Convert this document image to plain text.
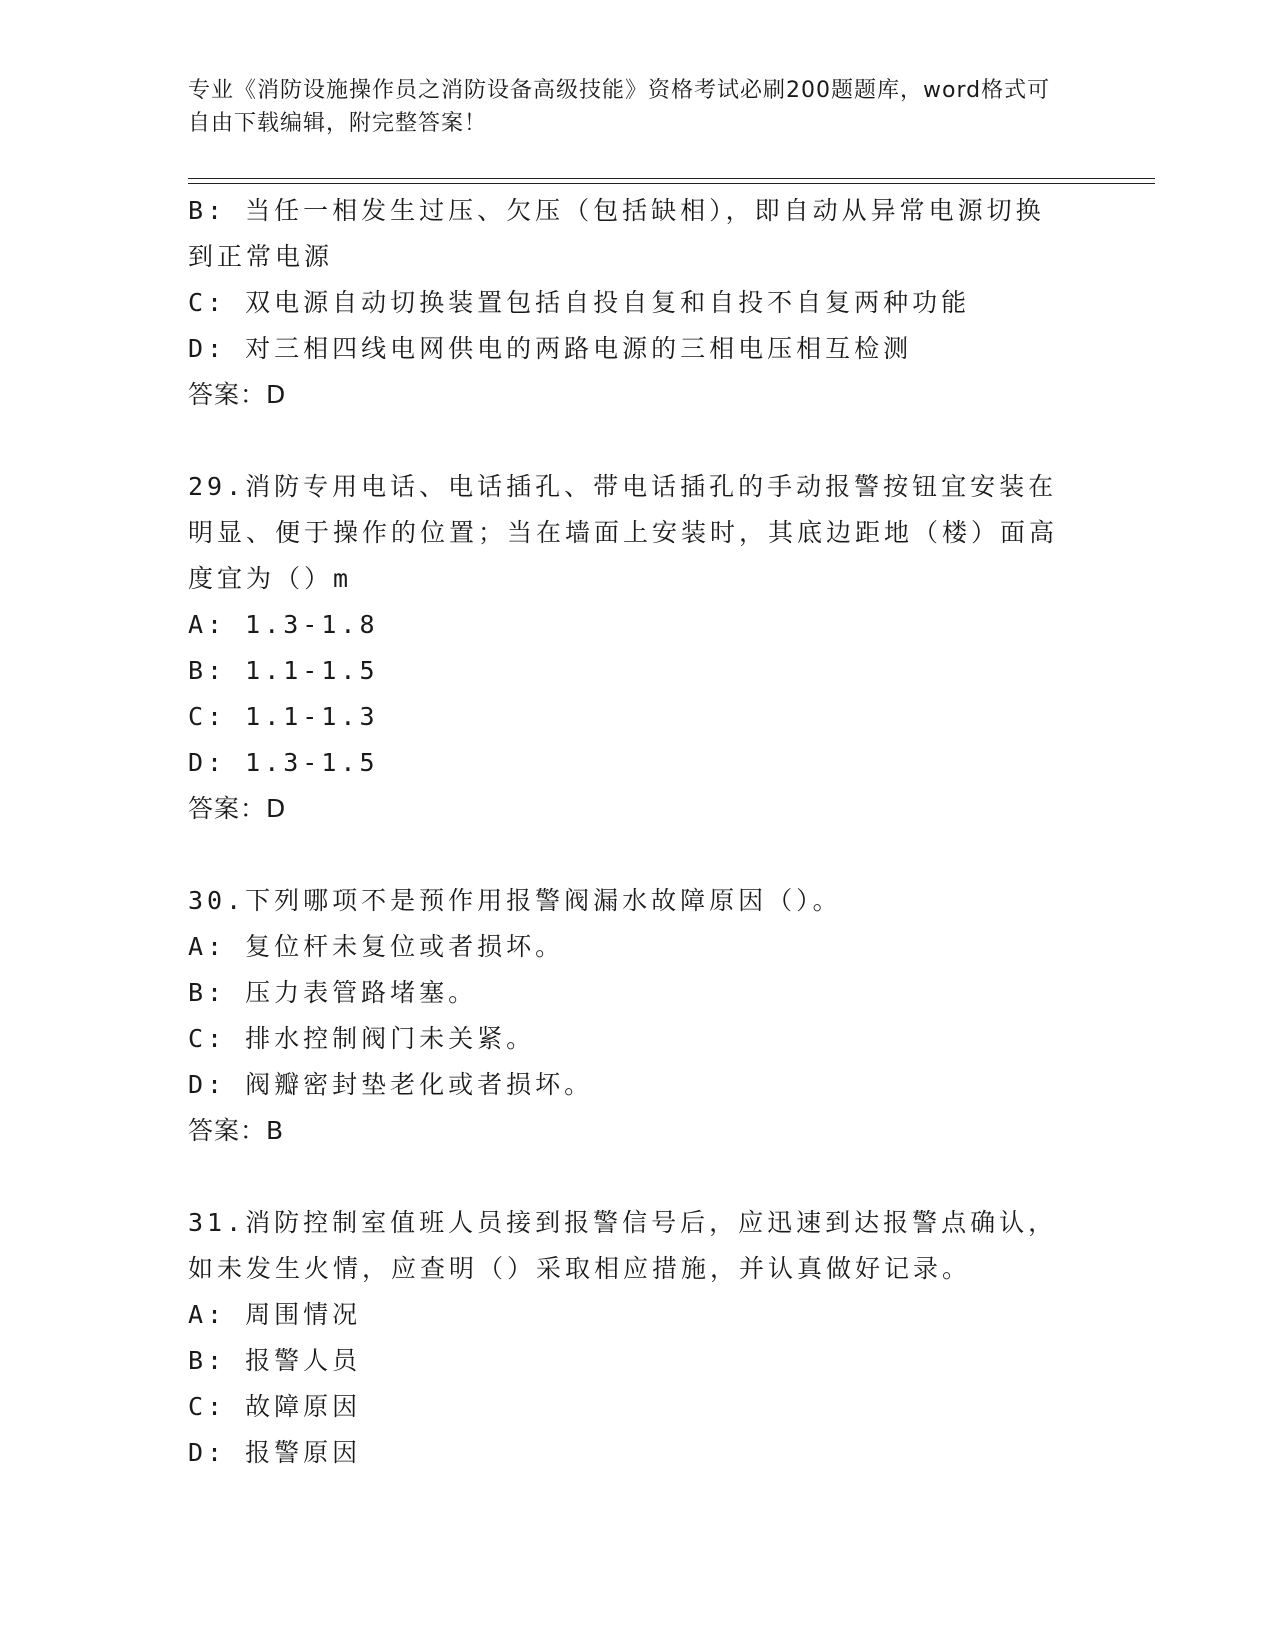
专业《消防设施操作员之消防设备高级技能》资格考试必刷200题题库，word格式可自由下载编辑，附完整答案！
B: 当任一相发生过压、欠压（包括缺相），即自动从异常电源切换到正常电源
C: 双电源自动切换装置包括自投自复和自投不自复两种功能
D: 对三相四线电网供电的两路电源的三相电压相互检测
答案：D
29.消防专用电话、电话插孔、带电话插孔的手动报警按钮宜安装在明显、便于操作的位置；当在墙面上安装时，其底边距地（楼）面高度宜为（）m
A: 1.3-1.8
B: 1.1-1.5
C: 1.1-1.3
D: 1.3-1.5
答案：D
30.下列哪项不是预作用报警阀漏水故障原因（）。
A: 复位杆未复位或者损坏。
B: 压力表管路堵塞。
C: 排水控制阀门未关紧。
D: 阀瓣密封垫老化或者损坏。
答案：B
31.消防控制室值班人员接到报警信号后，应迅速到达报警点确认，如未发生火情，应查明（）采取相应措施，并认真做好记录。
A: 周围情况
B: 报警人员
C: 故障原因
D: 报警原因
